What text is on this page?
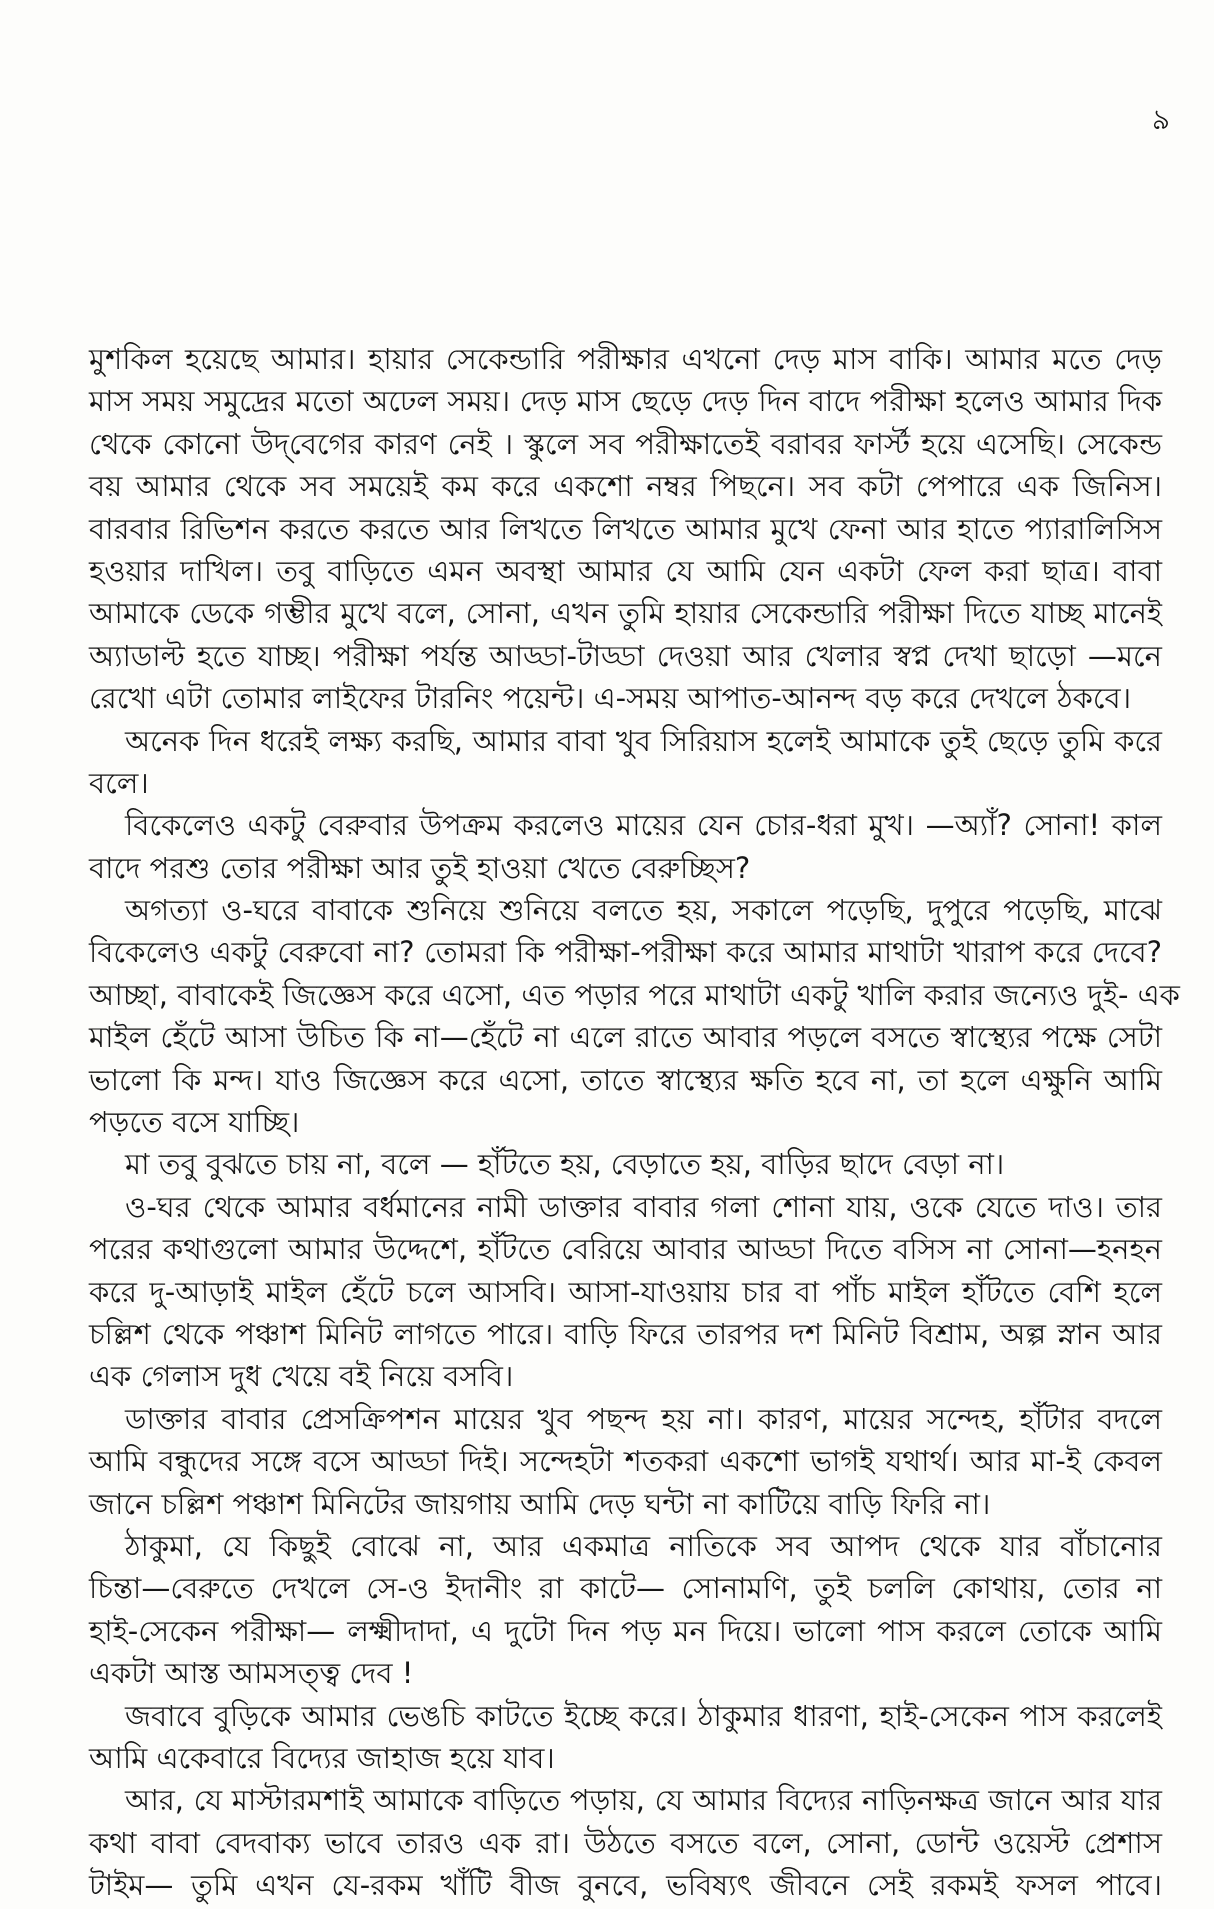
৯
মুশকিল হয়েছে আমার। হায়ার সেকেন্ডারি পরীক্ষার এখনো দেড় মাস বাকি। আমার মতে দেড়
মাস সময় সমুদ্রের মতো অঢেল সময়। দেড় মাস ছেড়ে দেড় দিন বাদে পরীক্ষা হলেও আমার দিক
থেকে কোনো উদ্‌বেগের কারণ নেই । স্কুলে সব পরীক্ষাতেই বরাবর ফার্স্ট হয়ে এসেছি। সেকেন্ড
বয় আমার থেকে সব সময়েই কম করে একশো নম্বর পিছনে। সব কটা পেপারে এক জিনিস।
বারবার রিভিশন করতে করতে আর লিখতে লিখতে আমার মুখে ফেনা আর হাতে প্যারালিসিস
হওয়ার দাখিল। তবু বাড়িতে এমন অবস্থা আমার যে আমি যেন একটা ফেল করা ছাত্র। বাবা
আমাকে ডেকে গম্ভীর মুখে বলে, সোনা, এখন তুমি হায়ার সেকেন্ডারি পরীক্ষা দিতে যাচ্ছ মানেই
অ্যাডাল্ট হতে যাচ্ছ। পরীক্ষা পর্যন্ত আড্ডা-টাড্ডা দেওয়া আর খেলার স্বপ্ন দেখা ছাড়ো —মনে
রেখো এটা তোমার লাইফের টারনিং পয়েন্ট। এ-সময় আপাত-আনন্দ বড় করে দেখলে ঠকবে।
অনেক দিন ধরেই লক্ষ্য করছি, আমার বাবা খুব সিরিয়াস হলেই আমাকে তুই ছেড়ে তুমি করে
বলে।
বিকেলেও একটু বেরুবার উপক্রম করলেও মায়ের যেন চোর-ধরা মুখ। —অ্যাঁ? সোনা! কাল
বাদে পরশু তোর পরীক্ষা আর তুই হাওয়া খেতে বেরুচ্ছিস?
অগত্যা ও-ঘরে বাবাকে শুনিয়ে শুনিয়ে বলতে হয়, সকালে পড়েছি, দুপুরে পড়েছি, মাঝে
বিকেলেও একটু বেরুবো না? তোমরা কি পরীক্ষা-পরীক্ষা করে আমার মাথাটা খারাপ করে দেবে?
আচ্ছা, বাবাকেই জিজ্ঞেস করে এসো, এত পড়ার পরে মাথাটা একটু খালি করার জন্যেও দুই- এক
মাইল হেঁটে আসা উচিত কি না—হেঁটে না এলে রাতে আবার পড়লে বসতে স্বাস্থ্যের পক্ষে সেটা
ভালো কি মন্দ। যাও জিজ্ঞেস করে এসো, তাতে স্বাস্থ্যের ক্ষতি হবে না, তা হলে এক্ষুনি আমি
পড়তে বসে যাচ্ছি।
মা তবু বুঝতে চায় না, বলে — হাঁটতে হয়, বেড়াতে হয়, বাড়ির ছাদে বেড়া না।
ও-ঘর থেকে আমার বর্ধমানের নামী ডাক্তার বাবার গলা শোনা যায়, ওকে যেতে দাও। তার
পরের কথাগুলো আমার উদ্দেশে, হাঁটতে বেরিয়ে আবার আড্ডা দিতে বসিস না সোনা—হনহন
করে দু-আড়াই মাইল হেঁটে চলে আসবি। আসা-যাওয়ায় চার বা পাঁচ মাইল হাঁটতে বেশি হলে
চল্লিশ থেকে পঞ্চাশ মিনিট লাগতে পারে। বাড়ি ফিরে তারপর দশ মিনিট বিশ্রাম, অল্প স্নান আর
এক গেলাস দুধ খেয়ে বই নিয়ে বসবি।
ডাক্তার বাবার প্রেসক্রিপশন মায়ের খুব পছন্দ হয় না। কারণ, মায়ের সন্দেহ, হাঁটার বদলে
আমি বন্ধুদের সঙ্গে বসে আড্ডা দিই। সন্দেহটা শতকরা একশো ভাগই যথার্থ। আর মা-ই কেবল
জানে চল্লিশ পঞ্চাশ মিনিটের জায়গায় আমি দেড় ঘন্টা না কাটিয়ে বাড়ি ফিরি না।
ঠাকুমা, যে কিছুই বোঝে না, আর একমাত্র নাতিকে সব আপদ থেকে যার বাঁচানোর
চিন্তা—বেরুতে দেখলে সে-ও ইদানীং রা কাটে— সোনামণি, তুই চললি কোথায়, তোর না
হাই-সেকেন পরীক্ষা— লক্ষ্মীদাদা, এ দুটো দিন পড় মন দিয়ে। ভালো পাস করলে তোকে আমি
একটা আস্ত আমসত্ত্ব দেব !
জবাবে বুড়িকে আমার ভেঙচি কাটতে ইচ্ছে করে। ঠাকুমার ধারণা, হাই-সেকেন পাস করলেই
আমি একেবারে বিদ্যের জাহাজ হয়ে যাব।
আর, যে মাস্টারমশাই আমাকে বাড়িতে পড়ায়, যে আমার বিদ্যের নাড়িনক্ষত্র জানে আর যার
কথা বাবা বেদবাক্য ভাবে তারও এক রা। উঠতে বসতে বলে, সোনা, ডোন্ট ওয়েস্ট প্রেশাস
টাইম— তুমি এখন যে-রকম খাঁটি বীজ বুনবে, ভবিষ্যৎ জীবনে সেই রকমই ফসল পাবে।
